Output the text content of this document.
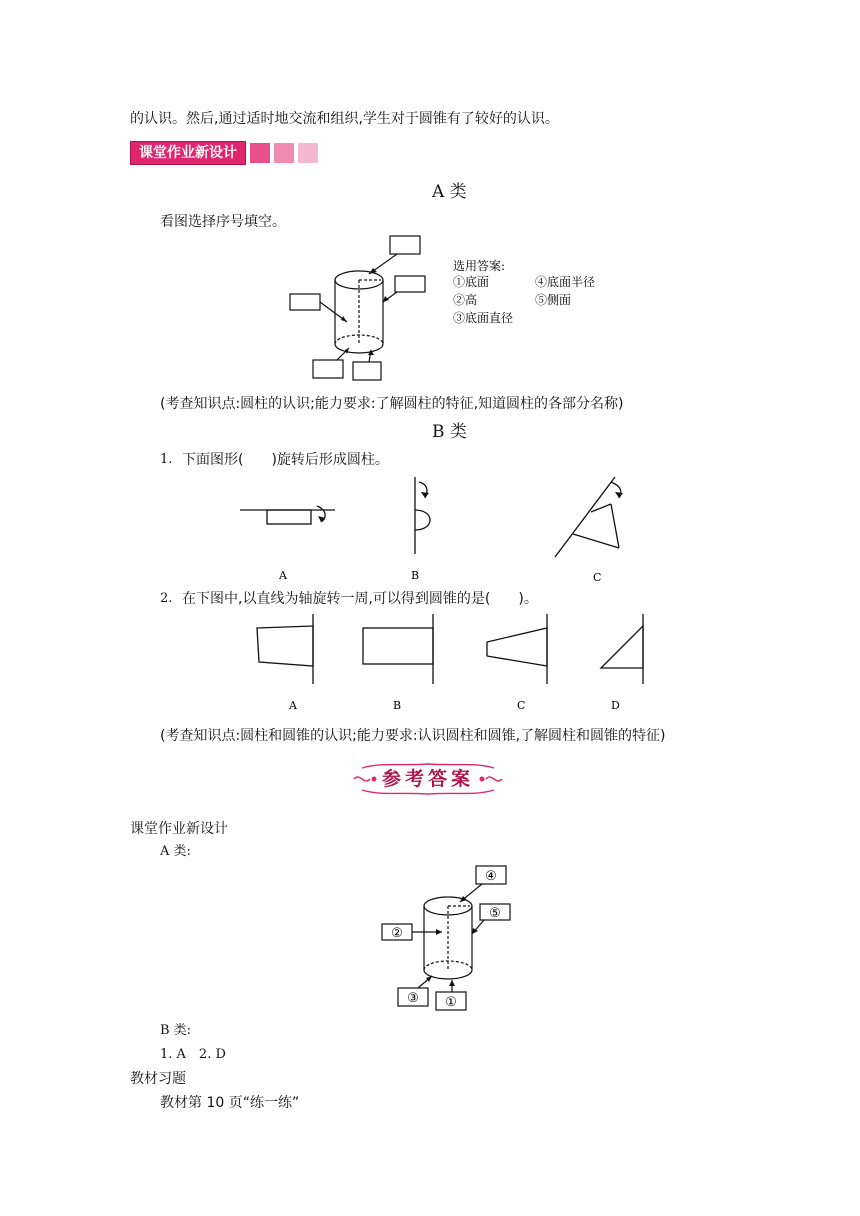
的认识。然后,通过适时地交流和组织,学生对于圆锥有了较好的认识。
课堂作业新设计
A 类
看图选择序号填空。
选用答案:
①底面
②高
③底面直径
④底面半径
⑤侧面
(考查知识点:圆柱的认识;能力要求:了解圆柱的特征,知道圆柱的各部分名称)
B 类
1. 下面图形(　　)旋转后形成圆柱。
A	B	C
2. 在下图中,以直线为轴旋转一周,可以得到圆锥的是(　　)。
A	B	C	D
(考查知识点:圆柱和圆锥的认识;能力要求:认识圆柱和圆锥,了解圆柱和圆锥的特征)
参考答案
课堂作业新设计
A 类:
④
⑤
②
③ ①
B 类:
1. A　2. D
教材习题
教材第 10 页“练一练”
